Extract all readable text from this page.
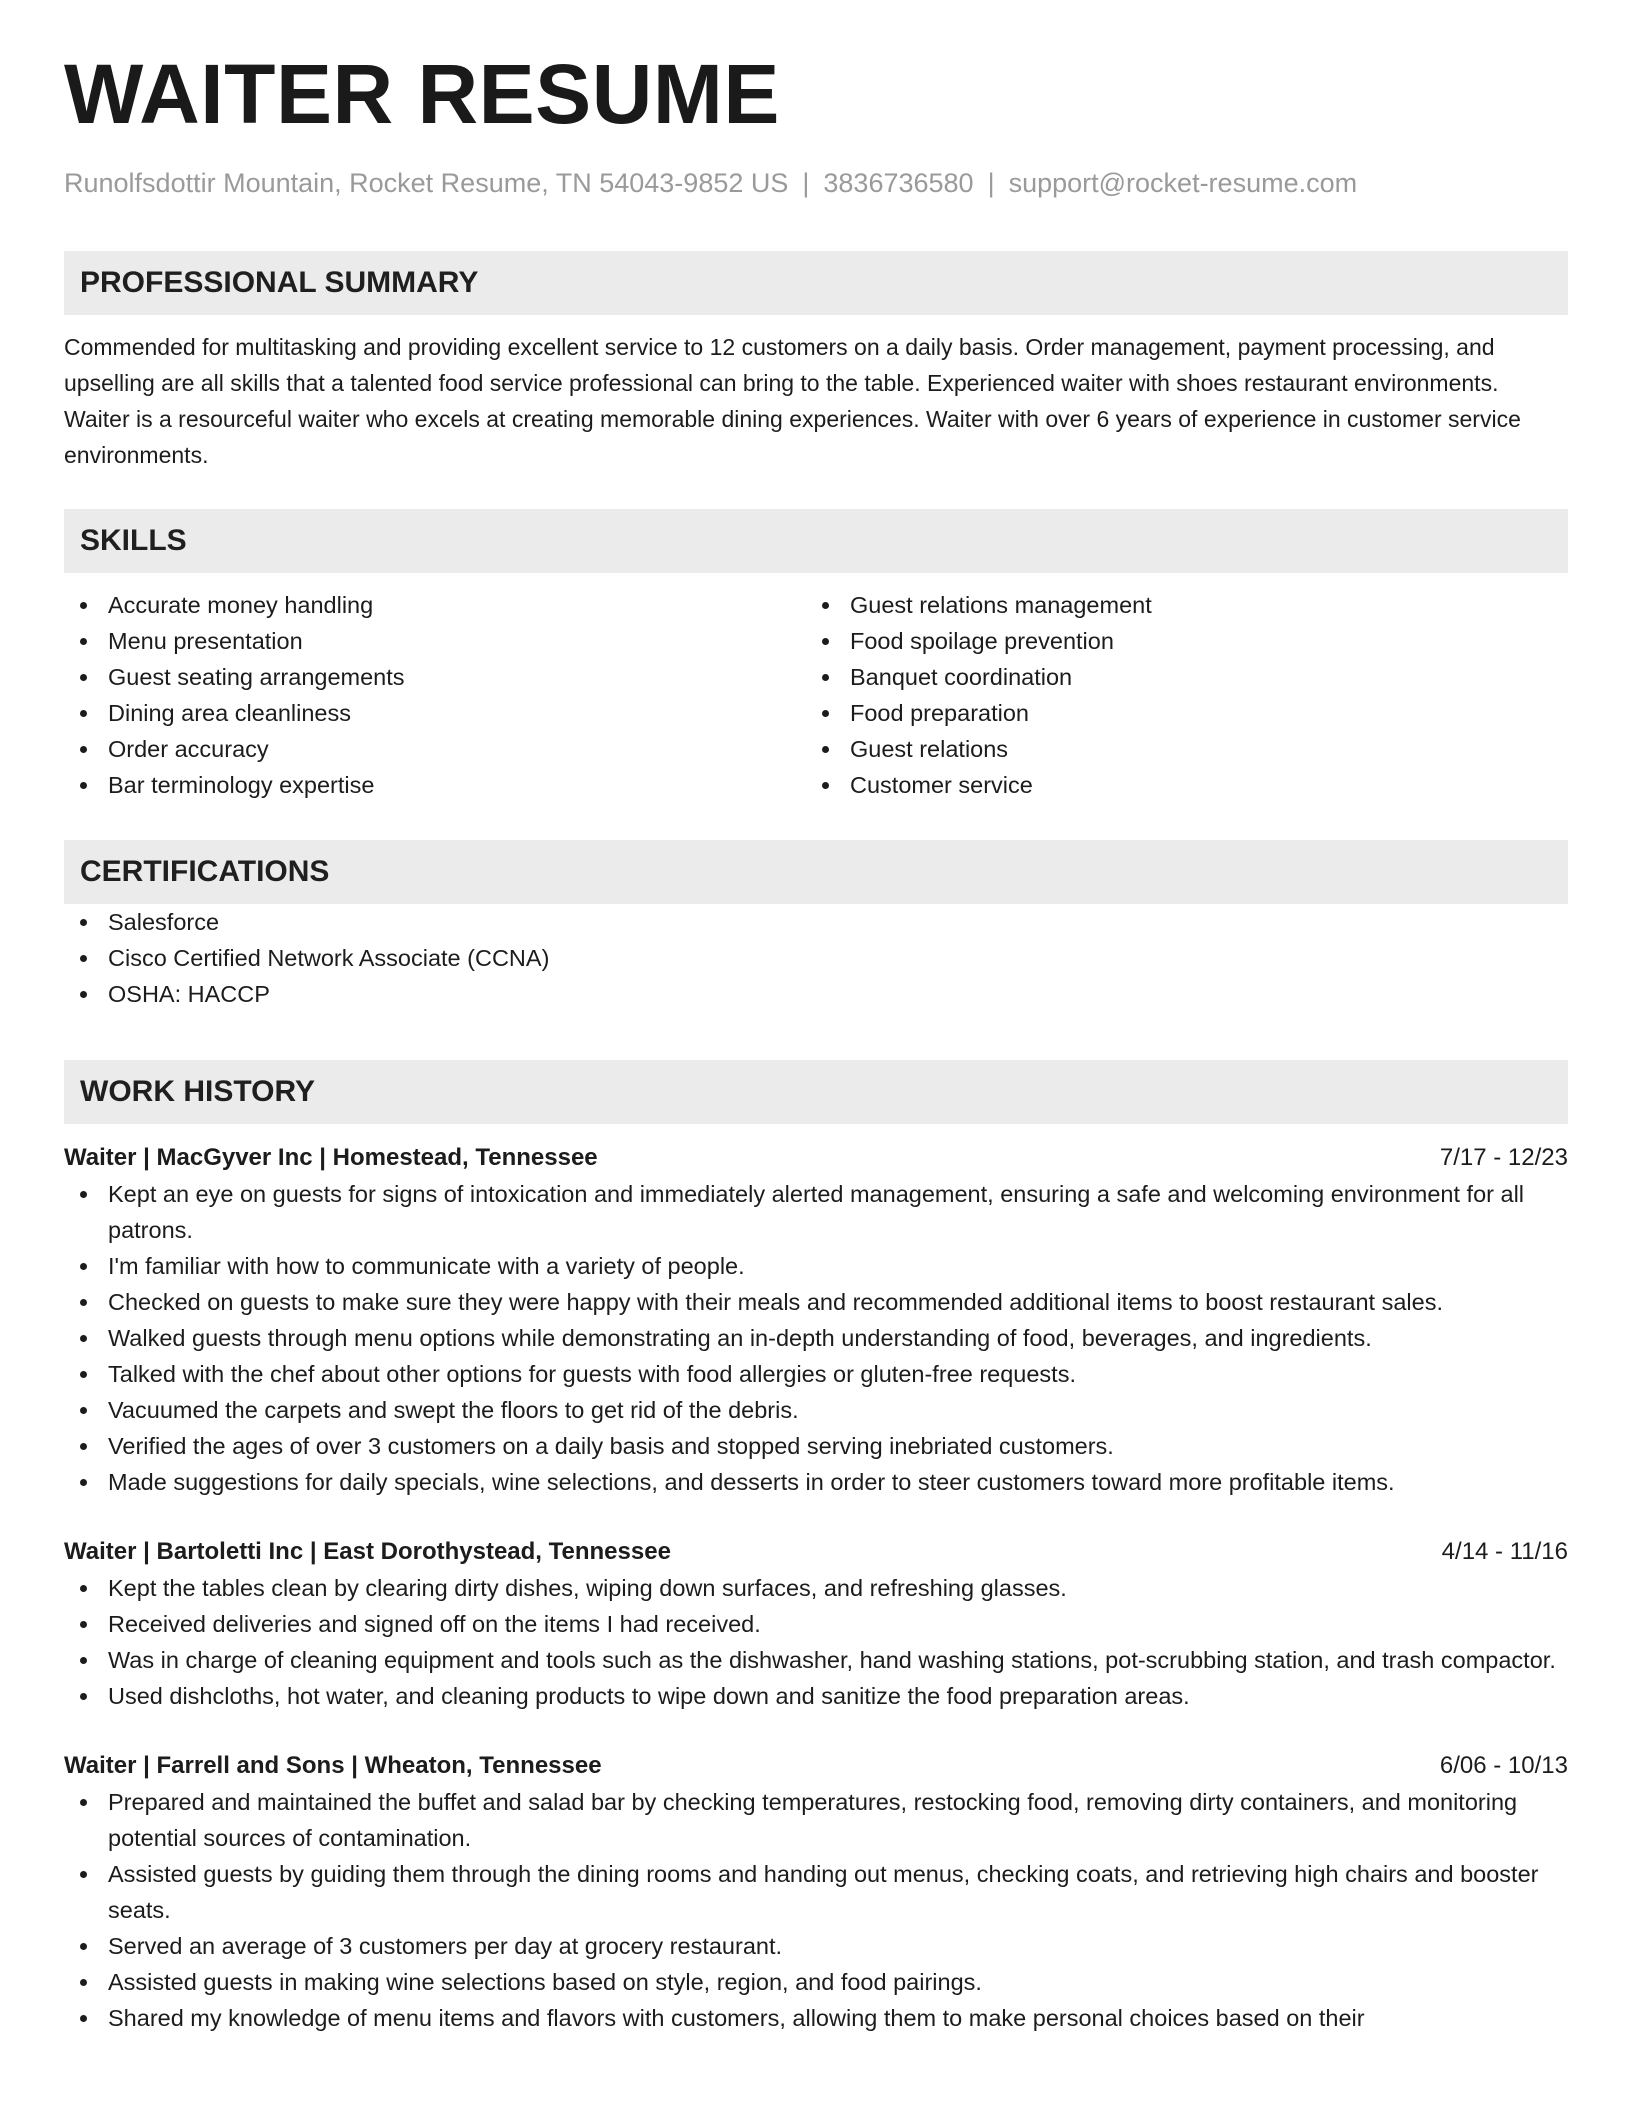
WAITER RESUME
Runolfsdottir Mountain, Rocket Resume, TN 54043-9852 US | 3836736580 | support@rocket-resume.com
PROFESSIONAL SUMMARY

Commended for multitasking and providing excellent service to 12 customers on a daily basis. Order management, payment processing, and upselling are all skills that a talented food service professional can bring to the table. Experienced waiter with shoes restaurant environments. Waiter is a resourceful waiter who excels at creating memorable dining experiences. Waiter with over 6 years of experience in customer service environments.

SKILLS
Accurate money handling
Menu presentation
Guest seating arrangements
Dining area cleanliness
Order accuracy
Bar terminology expertise
Guest relations management
Food spoilage prevention
Banquet coordination
Food preparation
Guest relations
Customer service
CERTIFICATIONS
Salesforce
Cisco Certified Network Associate (CCNA)
OSHA: HACCP
WORK HISTORY
Waiter | MacGyver Inc | Homestead, Tennessee	7/17 - 12/23
Kept an eye on guests for signs of intoxication and immediately alerted management, ensuring a safe and welcoming environment for all patrons.
I'm familiar with how to communicate with a variety of people.
Checked on guests to make sure they were happy with their meals and recommended additional items to boost restaurant sales.
Walked guests through menu options while demonstrating an in-depth understanding of food, beverages, and ingredients.
Talked with the chef about other options for guests with food allergies or gluten-free requests.
Vacuumed the carpets and swept the floors to get rid of the debris.
Verified the ages of over 3 customers on a daily basis and stopped serving inebriated customers.
Made suggestions for daily specials, wine selections, and desserts in order to steer customers toward more profitable items.
Waiter | Bartoletti Inc | East Dorothystead, Tennessee	4/14 - 11/16
Kept the tables clean by clearing dirty dishes, wiping down surfaces, and refreshing glasses.
Received deliveries and signed off on the items I had received.
Was in charge of cleaning equipment and tools such as the dishwasher, hand washing stations, pot-scrubbing station, and trash compactor.
Used dishcloths, hot water, and cleaning products to wipe down and sanitize the food preparation areas.
Waiter | Farrell and Sons | Wheaton, Tennessee	6/06 - 10/13
Prepared and maintained the buffet and salad bar by checking temperatures, restocking food, removing dirty containers, and monitoring potential sources of contamination.
Assisted guests by guiding them through the dining rooms and handing out menus, checking coats, and retrieving high chairs and booster seats.
Served an average of 3 customers per day at grocery restaurant.
Assisted guests in making wine selections based on style, region, and food pairings.
Shared my knowledge of menu items and flavors with customers, allowing them to make personal choices based on their
